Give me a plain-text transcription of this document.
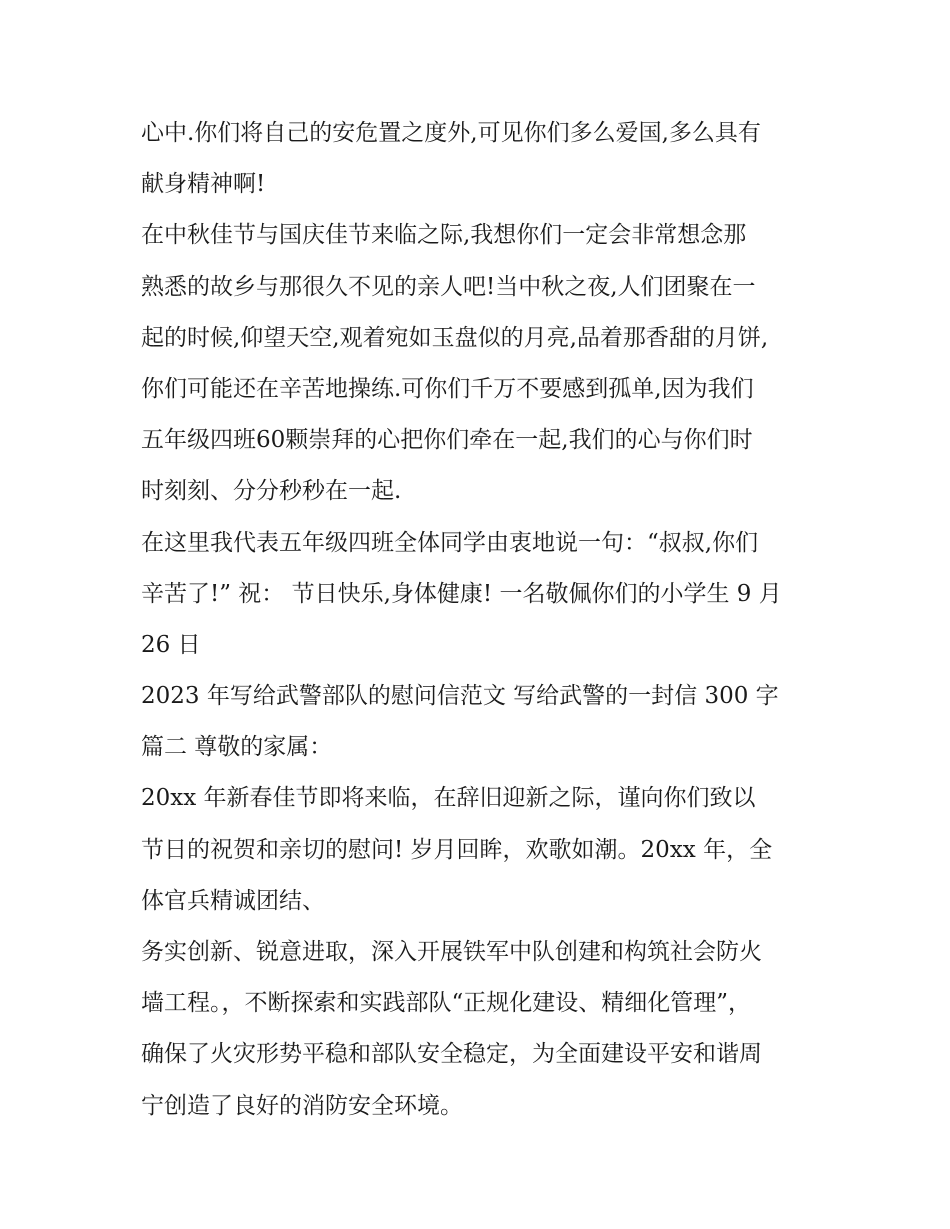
心中.你们将自己的安危置之度外,可见你们多么爱国,多么具有
献身精神啊!
在中秋佳节与国庆佳节来临之际,我想你们一定会非常想念那
熟悉的故乡与那很久不见的亲人吧!当中秋之夜,人们团聚在一
起的时候,仰望天空,观着宛如玉盘似的月亮,品着那香甜的月饼,
你们可能还在辛苦地操练.可你们千万不要感到孤单,因为我们
五年级四班60颗崇拜的心把你们牵在一起,我们的心与你们时
时刻刻、分分秒秒在一起.
在这里我代表五年级四班全体同学由衷地说一句：“叔叔,你们
辛苦了!” 祝： 节日快乐,身体健康! 一名敬佩你们的小学生 9 月
26 日
2023 年写给武警部队的慰问信范文 写给武警的一封信 300 字
篇二 尊敬的家属：
20xx 年新春佳节即将来临，在辞旧迎新之际，谨向你们致以
节日的祝贺和亲切的慰问! 岁月回眸，欢歌如潮。20xx 年，全
体官兵精诚团结、
务实创新、锐意进取，深入开展铁军中队创建和构筑社会防火
墙工程。，不断探索和实践部队“正规化建设、精细化管理”，
确保了火灾形势平稳和部队安全稳定，为全面建设平安和谐周
宁创造了良好的消防安全环境。
